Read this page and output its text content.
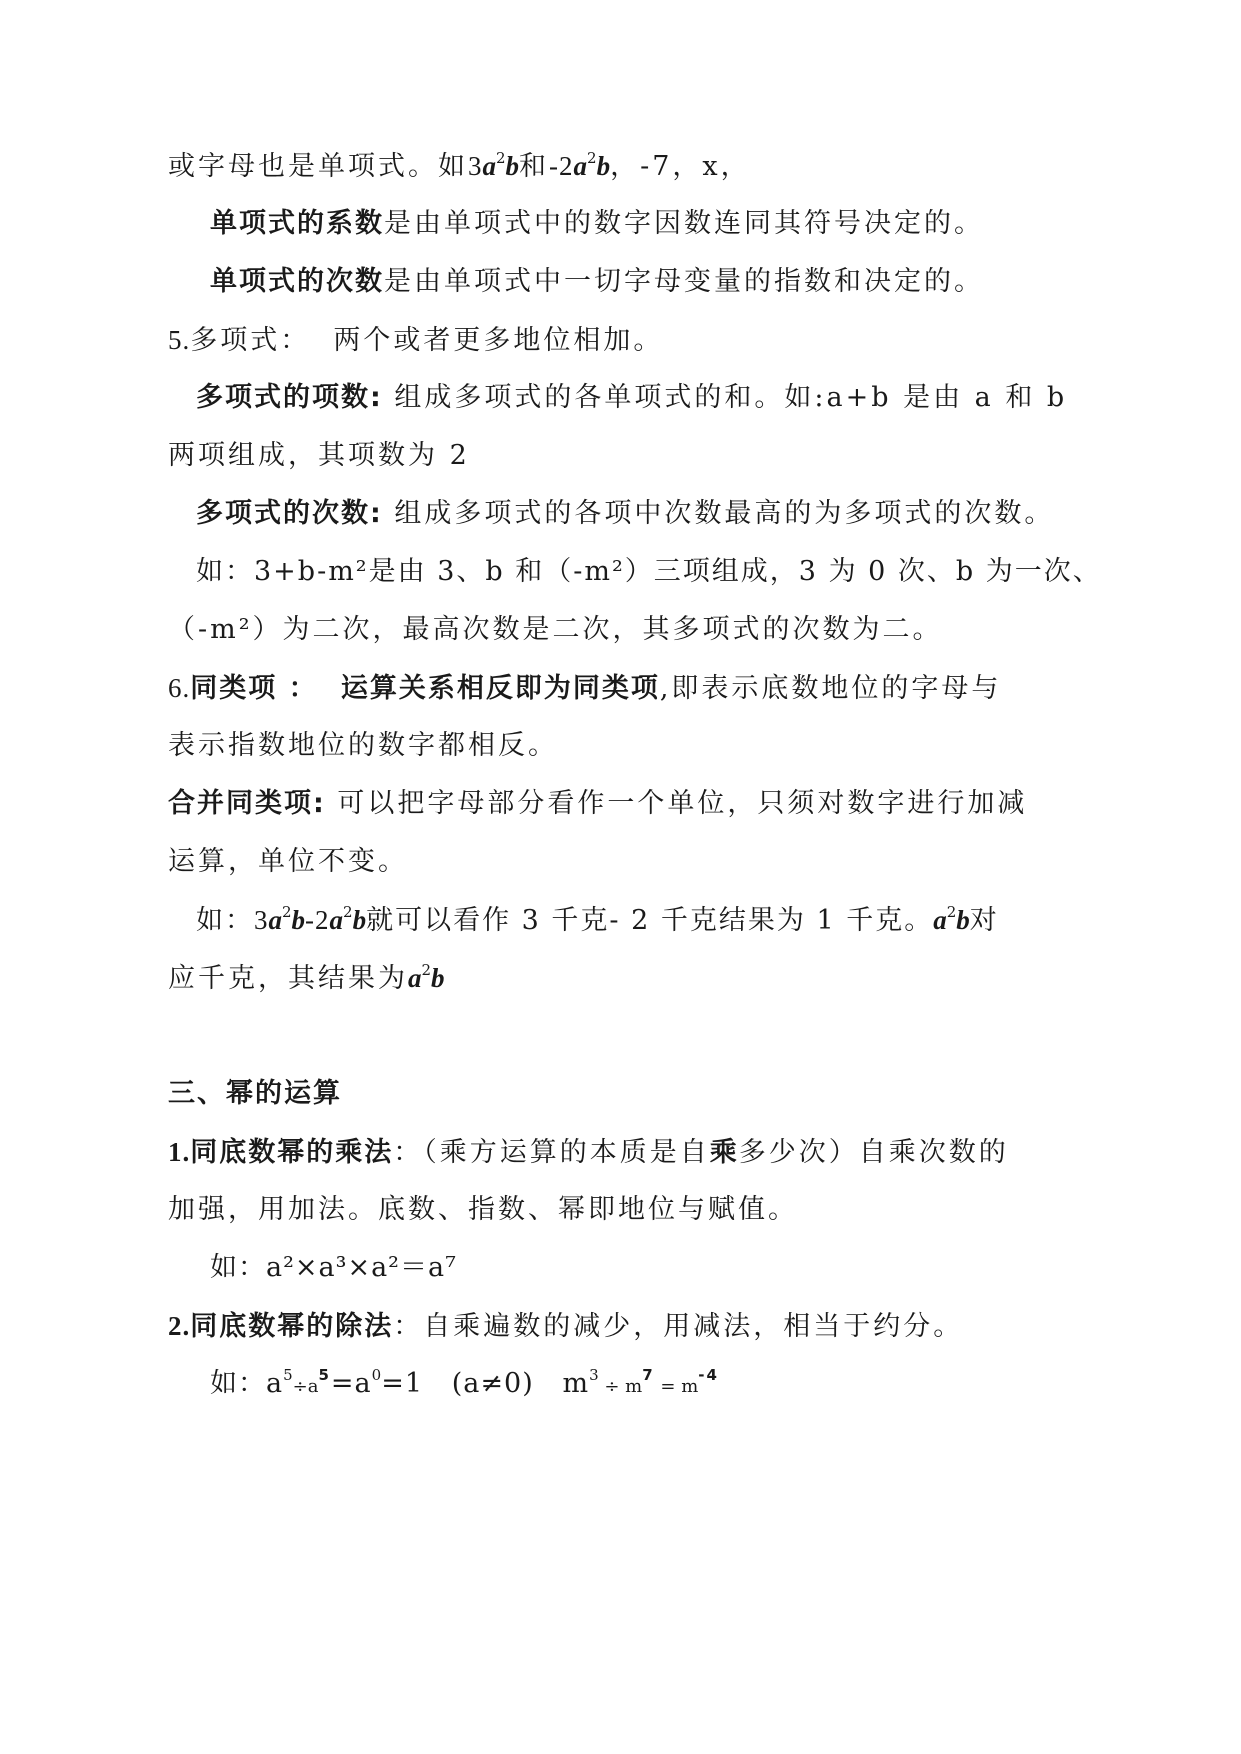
或字母也是单项式。如$3a^2b$和$-2a^2b$，-7，x，
单项式的系数是由单项式中的数字因数连同其符号决定的。
单项式的次数是由单项式中一切字母变量的指数和决定的。
5.多项式： 两个或者更多地位相加。
多项式的项数: 组成多项式的各单项式的和。如:a+b 是由 a 和 b
两项组成，其项数为 2
多项式的次数: 组成多项式的各项中次数最高的为多项式的次数。
如：3+b-m²是由 3、b 和（-m²）三项组成，3 为 0 次、b 为一次、
（-m²）为二次，最高次数是二次，其多项式的次数为二。
6.同类项 ： 运算关系相反即为同类项,即表示底数地位的字母与
表示指数地位的数字都相反。
合并同类项: 可以把字母部分看作一个单位，只须对数字进行加减
运算，单位不变。
如：$3a^2b-2a^2b$就可以看作 3 千克- 2 千克结果为 1 千克。$a^2b$对
应千克，其结果为$a^2b$
三、幂的运算
1.同底数幂的乘法：（乘方运算的本质是自乘多少次）自乘次数的
加强，用加法。底数、指数、幂即地位与赋值。
如：a²×a³×a²＝a⁷
2.同底数幂的除法：自乘遍数的减少，用减法，相当于约分。
如：$a^5\div a^5=a^0=1$ (a≠0) $m^3 \div m^7 = m^{-4}$
